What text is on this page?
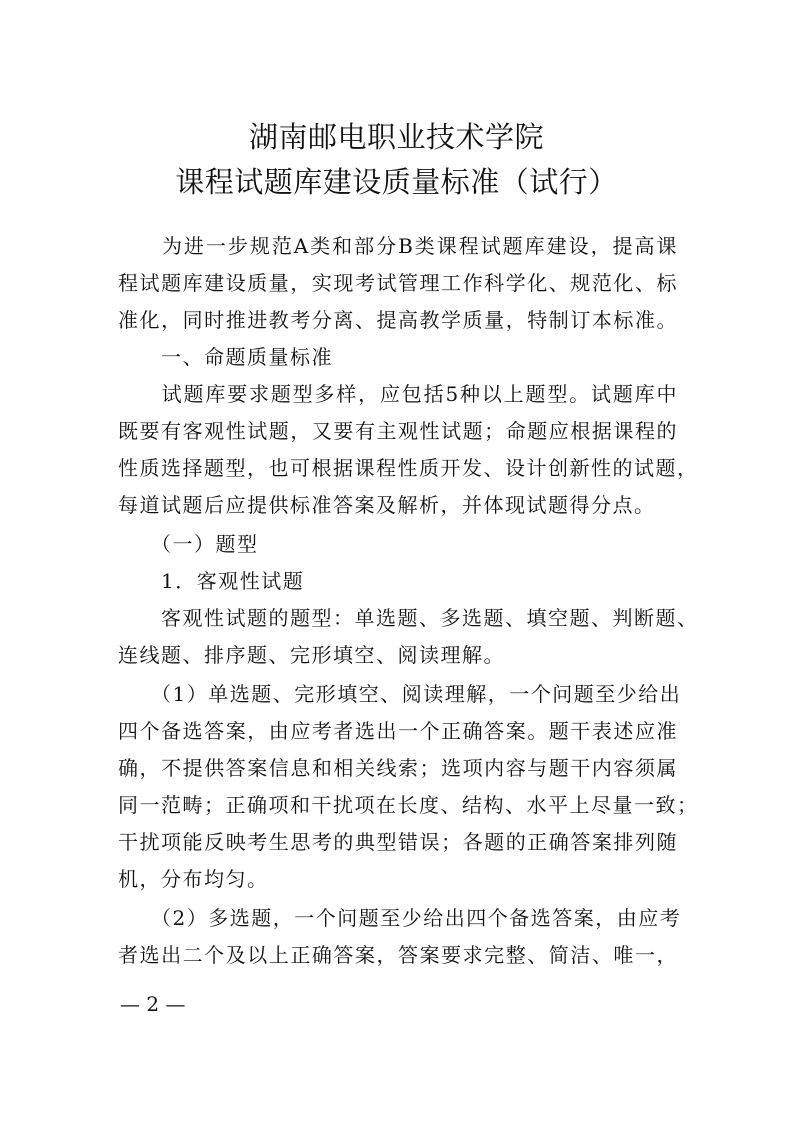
湖南邮电职业技术学院
课程试题库建设质量标准（试行）
　　为进一步规范A类和部分B类课程试题库建设，提高课
程试题库建设质量，实现考试管理工作科学化、规范化、标
准化，同时推进教考分离、提高教学质量，特制订本标准。
　　一、命题质量标准
　　试题库要求题型多样，应包括5种以上题型。试题库中
既要有客观性试题，又要有主观性试题；命题应根据课程的
性质选择题型，也可根据课程性质开发、设计创新性的试题，
每道试题后应提供标准答案及解析，并体现试题得分点。
　　（一）题型
　　1．客观性试题
　　客观性试题的题型：单选题、多选题、填空题、判断题、
连线题、排序题、完形填空、阅读理解。
　　（1）单选题、完形填空、阅读理解，一个问题至少给出
四个备选答案，由应考者选出一个正确答案。题干表述应准
确，不提供答案信息和相关线索；选项内容与题干内容须属
同一范畴；正确项和干扰项在长度、结构、水平上尽量一致；
干扰项能反映考生思考的典型错误；各题的正确答案排列随
机，分布均匀。
　　（2）多选题，一个问题至少给出四个备选答案，由应考
者选出二个及以上正确答案，答案要求完整、简洁、唯一，
— 2 —
